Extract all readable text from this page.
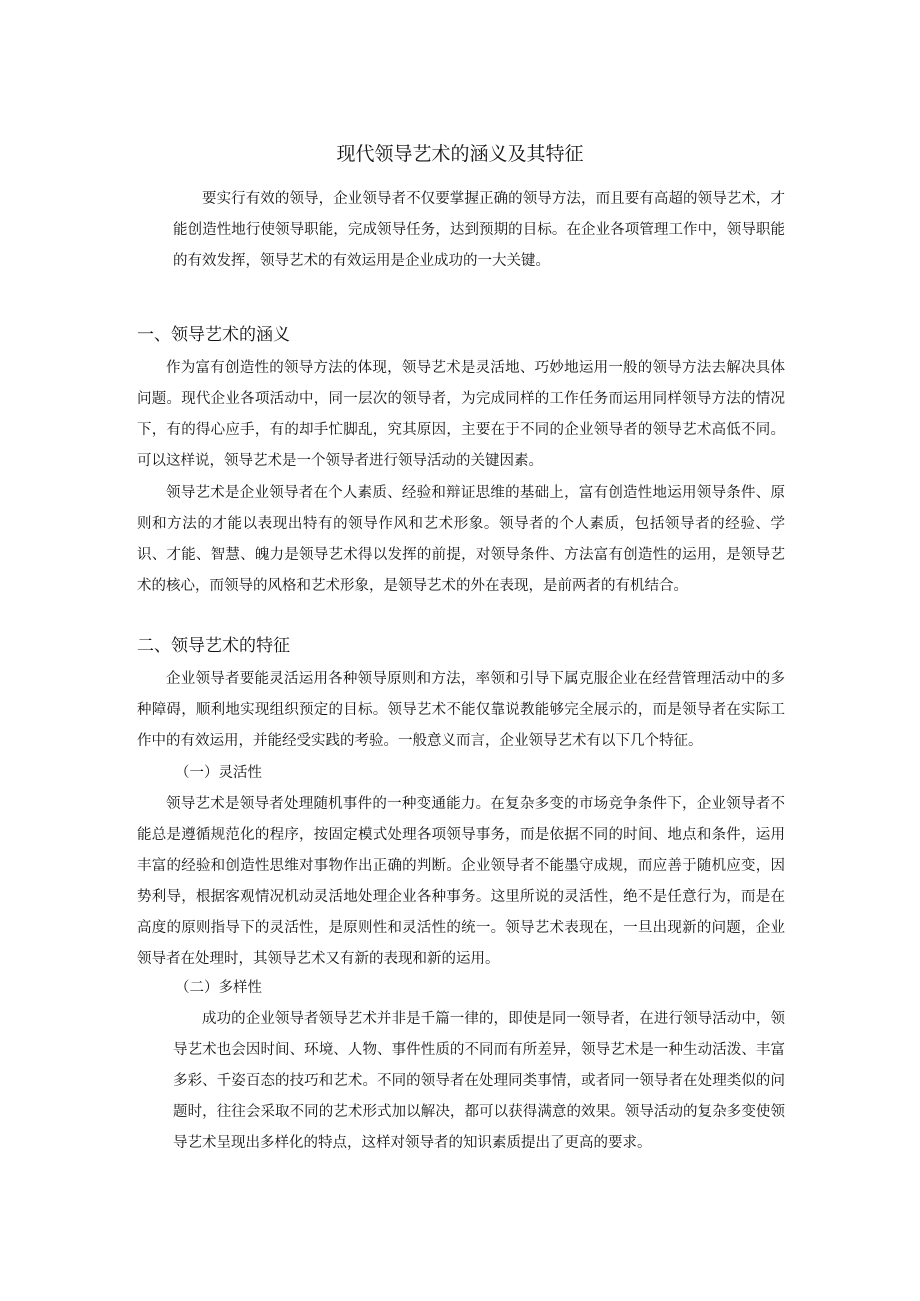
现代领导艺术的涵义及其特征

要实行有效的领导，企业领导者不仅要掌握正确的领导方法，而且要有高超的领导艺术，才能创造性地行使领导职能，完成领导任务，达到预期的目标。在企业各项管理工作中，领导职能的有效发挥，领导艺术的有效运用是企业成功的一大关键。

一、领导艺术的涵义

作为富有创造性的领导方法的体现，领导艺术是灵活地、巧妙地运用一般的领导方法去解决具体问题。现代企业各项活动中，同一层次的领导者，为完成同样的工作任务而运用同样领导方法的情况下，有的得心应手，有的却手忙脚乱，究其原因，主要在于不同的企业领导者的领导艺术高低不同。可以这样说，领导艺术是一个领导者进行领导活动的关键因素。

领导艺术是企业领导者在个人素质、经验和辩证思维的基础上，富有创造性地运用领导条件、原则和方法的才能以表现出特有的领导作风和艺术形象。领导者的个人素质，包括领导者的经验、学识、才能、智慧、魄力是领导艺术得以发挥的前提，对领导条件、方法富有创造性的运用，是领导艺术的核心，而领导的风格和艺术形象，是领导艺术的外在表现，是前两者的有机结合。

二、领导艺术的特征

企业领导者要能灵活运用各种领导原则和方法，率领和引导下属克服企业在经营管理活动中的多种障碍，顺利地实现组织预定的目标。领导艺术不能仅靠说教能够完全展示的，而是领导者在实际工作中的有效运用，并能经受实践的考验。一般意义而言，企业领导艺术有以下几个特征。

（一）灵活性

领导艺术是领导者处理随机事件的一种变通能力。在复杂多变的市场竞争条件下，企业领导者不能总是遵循规范化的程序，按固定模式处理各项领导事务，而是依据不同的时间、地点和条件，运用丰富的经验和创造性思维对事物作出正确的判断。企业领导者不能墨守成规，而应善于随机应变，因势利导，根据客观情况机动灵活地处理企业各种事务。这里所说的灵活性，绝不是任意行为，而是在高度的原则指导下的灵活性，是原则性和灵活性的统一。领导艺术表现在，一旦出现新的问题，企业领导者在处理时，其领导艺术又有新的表现和新的运用。

（二）多样性

成功的企业领导者领导艺术并非是千篇一律的，即使是同一领导者，在进行领导活动中，领导艺术也会因时间、环境、人物、事件性质的不同而有所差异，领导艺术是一种生动活泼、丰富多彩、千姿百态的技巧和艺术。不同的领导者在处理同类事情，或者同一领导者在处理类似的问题时，往往会采取不同的艺术形式加以解决，都可以获得满意的效果。领导活动的复杂多变使领导艺术呈现出多样化的特点，这样对领导者的知识素质提出了更高的要求。
